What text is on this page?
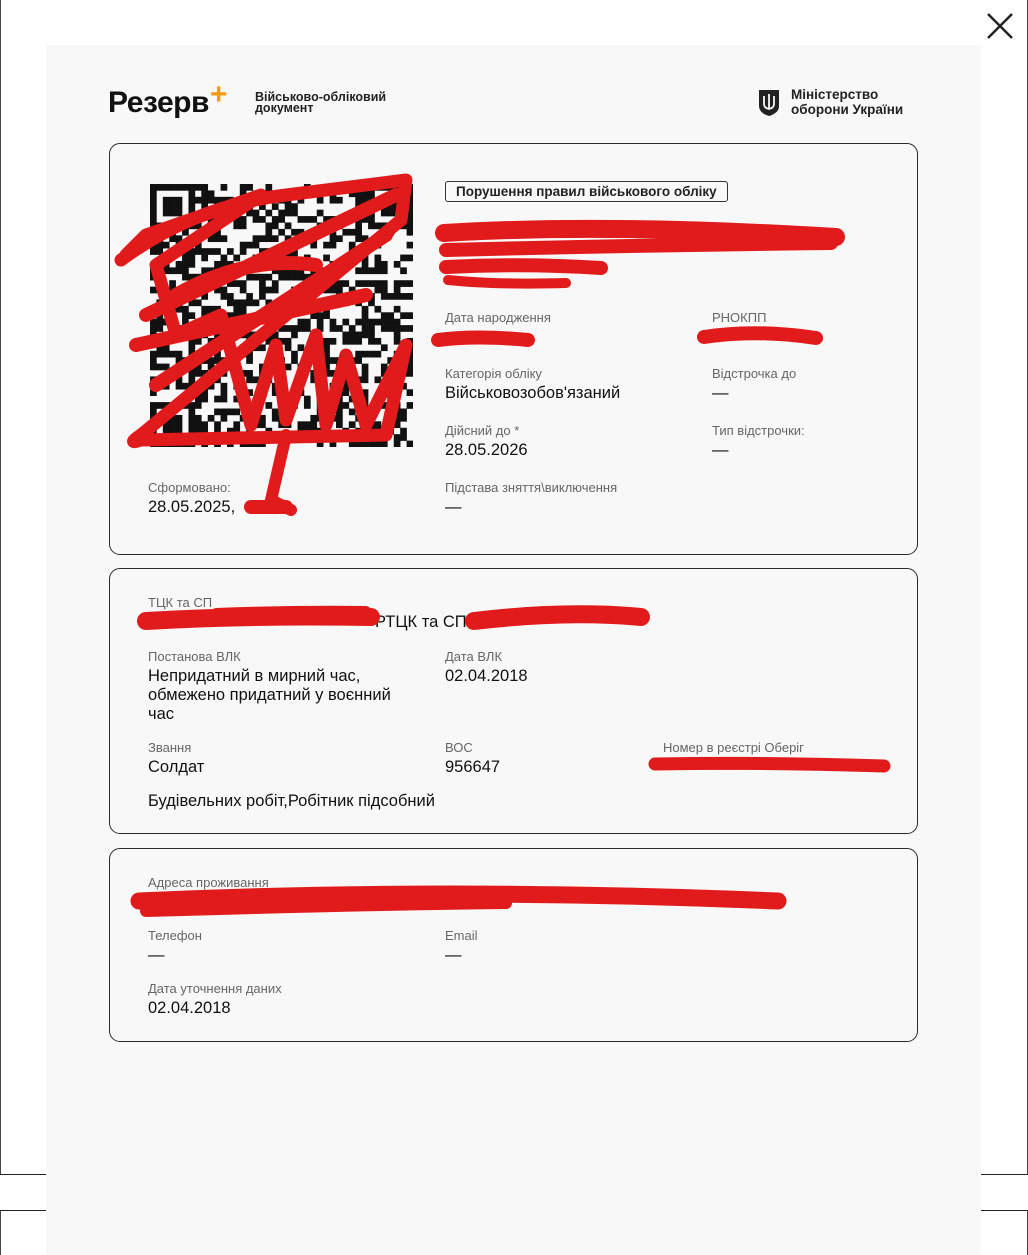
Резерв+ Військово-обліковий документ
Міністерство оборони України
Порушення правил військового обліку
Дата народження	РНОКПП
Категорія обліку
Військовозобов'язаний
Відстрочка до
—
Дійсний до *
28.05.2026
Тип відстрочки:
—
Сформовано:
28.05.2025,
Підстава зняття\виключення
—
ТЦК та СП
РТЦК та СП
Постанова ВЛК
Непридатний в мирний час, обмежено придатний у воєнний час
Дата ВЛК
02.04.2018
Звання
Солдат
ВОС
956647
Номер в реєстрі Оберіг
Будівельних робіт,Робітник підсобний
Адреса проживання
Телефон
—
Email
—
Дата уточнення даних
02.04.2018
